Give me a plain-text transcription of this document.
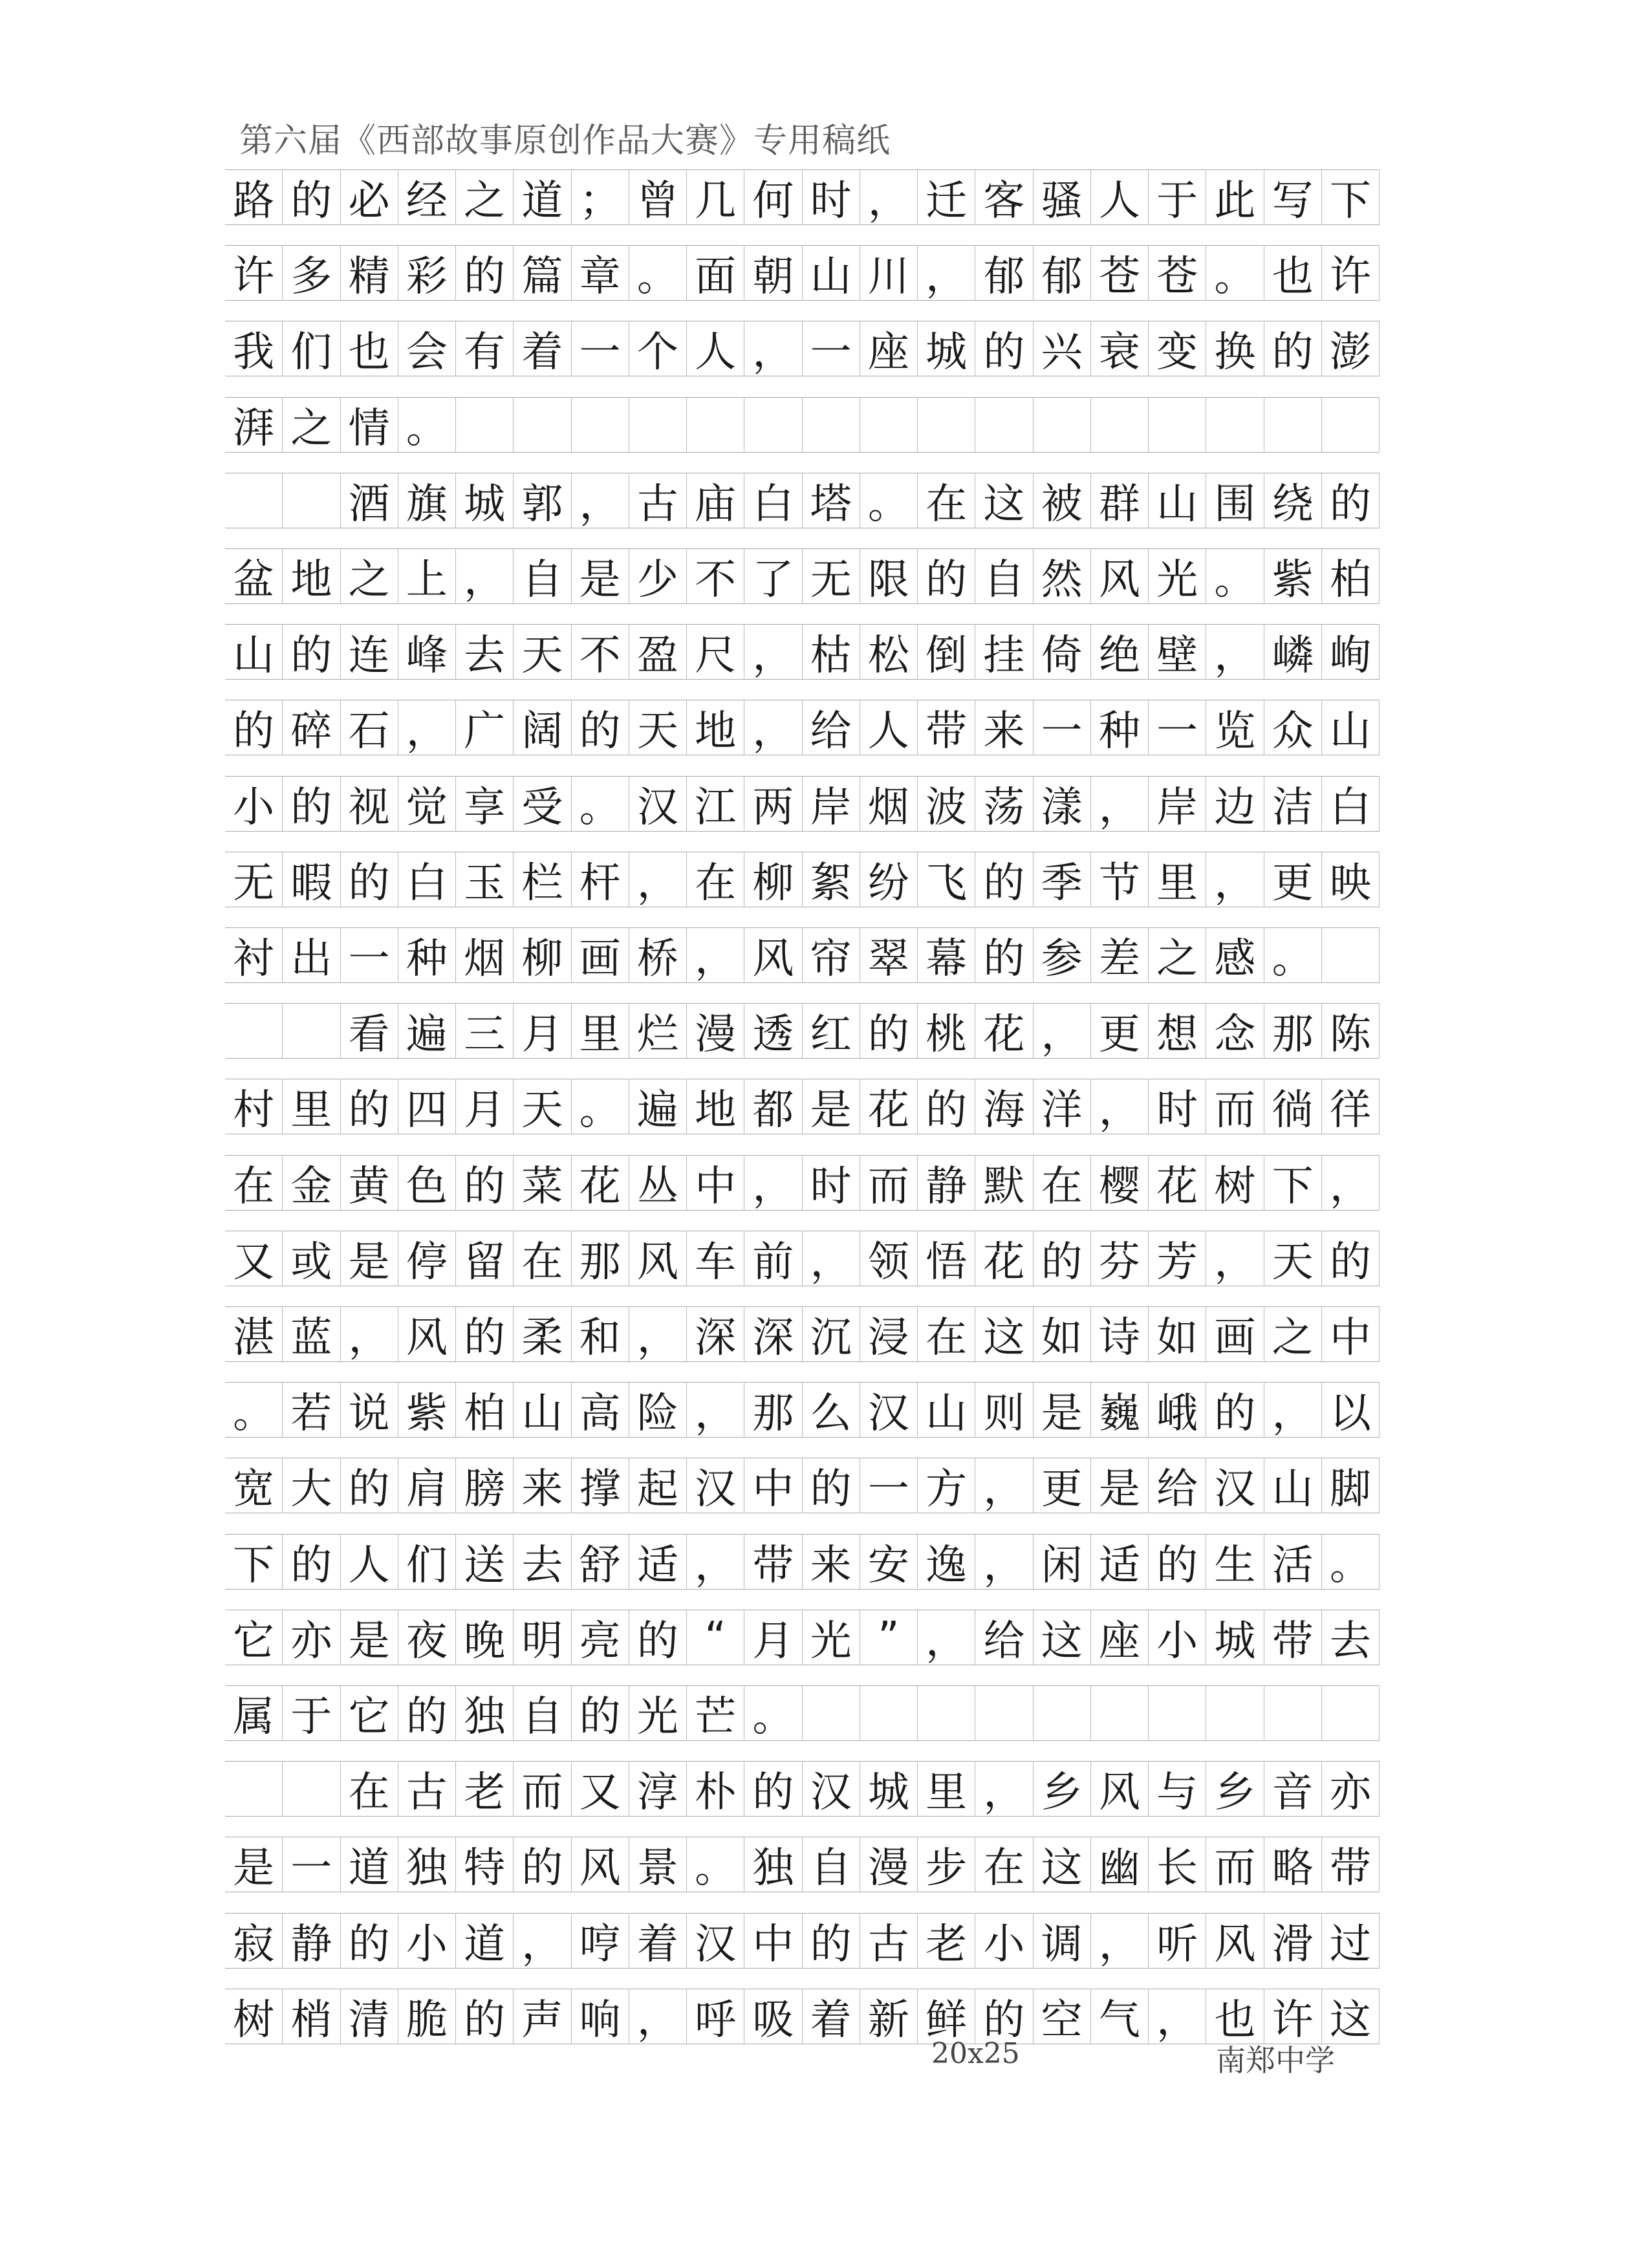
第六届《西部故事原创作品大赛》专用稿纸
路 的 必 经 之 道 ； 曾 几 何 时 ， 迁 客 骚 人 于 此 写 下
许 多 精 彩 的 篇 章 。 面 朝 山 川 ， 郁 郁 苍 苍 。 也 许
我 们 也 会 有 着 一 个 人 ， 一 座 城 的 兴 衰 变 换 的 澎
湃 之 情 。
酒 旗 城 郭 ， 古 庙 白 塔 。 在 这 被 群 山 围 绕 的
盆 地 之 上 ， 自 是 少 不 了 无 限 的 自 然 风 光 。 紫 柏
山 的 连 峰 去 天 不 盈 尺 ， 枯 松 倒 挂 倚 绝 壁 ， 嶙 峋
的 碎 石 ， 广 阔 的 天 地 ， 给 人 带 来 一 种 一 览 众 山
小 的 视 觉 享 受 。 汉 江 两 岸 烟 波 荡 漾 ， 岸 边 洁 白
无 暇 的 白 玉 栏 杆 ， 在 柳 絮 纷 飞 的 季 节 里 ， 更 映
衬 出 一 种 烟 柳 画 桥 ， 风 帘 翠 幕 的 参 差 之 感 。
看 遍 三 月 里 烂 漫 透 红 的 桃 花 ， 更 想 念 那 陈
村 里 的 四 月 天 。 遍 地 都 是 花 的 海 洋 ， 时 而 徜 徉
在 金 黄 色 的 菜 花 丛 中 ， 时 而 静 默 在 樱 花 树 下 ，
又 或 是 停 留 在 那 风 车 前 ， 领 悟 花 的 芬 芳 ， 天 的
湛 蓝 ， 风 的 柔 和 ， 深 深 沉 浸 在 这 如 诗 如 画 之 中
。 若 说 紫 柏 山 高 险 ， 那 么 汉 山 则 是 巍 峨 的 ， 以
宽 大 的 肩 膀 来 撑 起 汉 中 的 一 方 ， 更 是 给 汉 山 脚
下 的 人 们 送 去 舒 适 ， 带 来 安 逸 ， 闲 适 的 生 活 。
它 亦 是 夜 晚 明 亮 的 “ 月 光 ” ， 给 这 座 小 城 带 去
属 于 它 的 独 自 的 光 芒 。
在 古 老 而 又 淳 朴 的 汉 城 里 ， 乡 风 与 乡 音 亦
是 一 道 独 特 的 风 景 。 独 自 漫 步 在 这 幽 长 而 略 带
寂 静 的 小 道 ， 哼 着 汉 中 的 古 老 小 调 ， 听 风 滑 过
树 梢 清 脆 的 声 响 ， 呼 吸 着 新 鲜 的 空 气 ， 也 许 这
20x25	南郑中学
